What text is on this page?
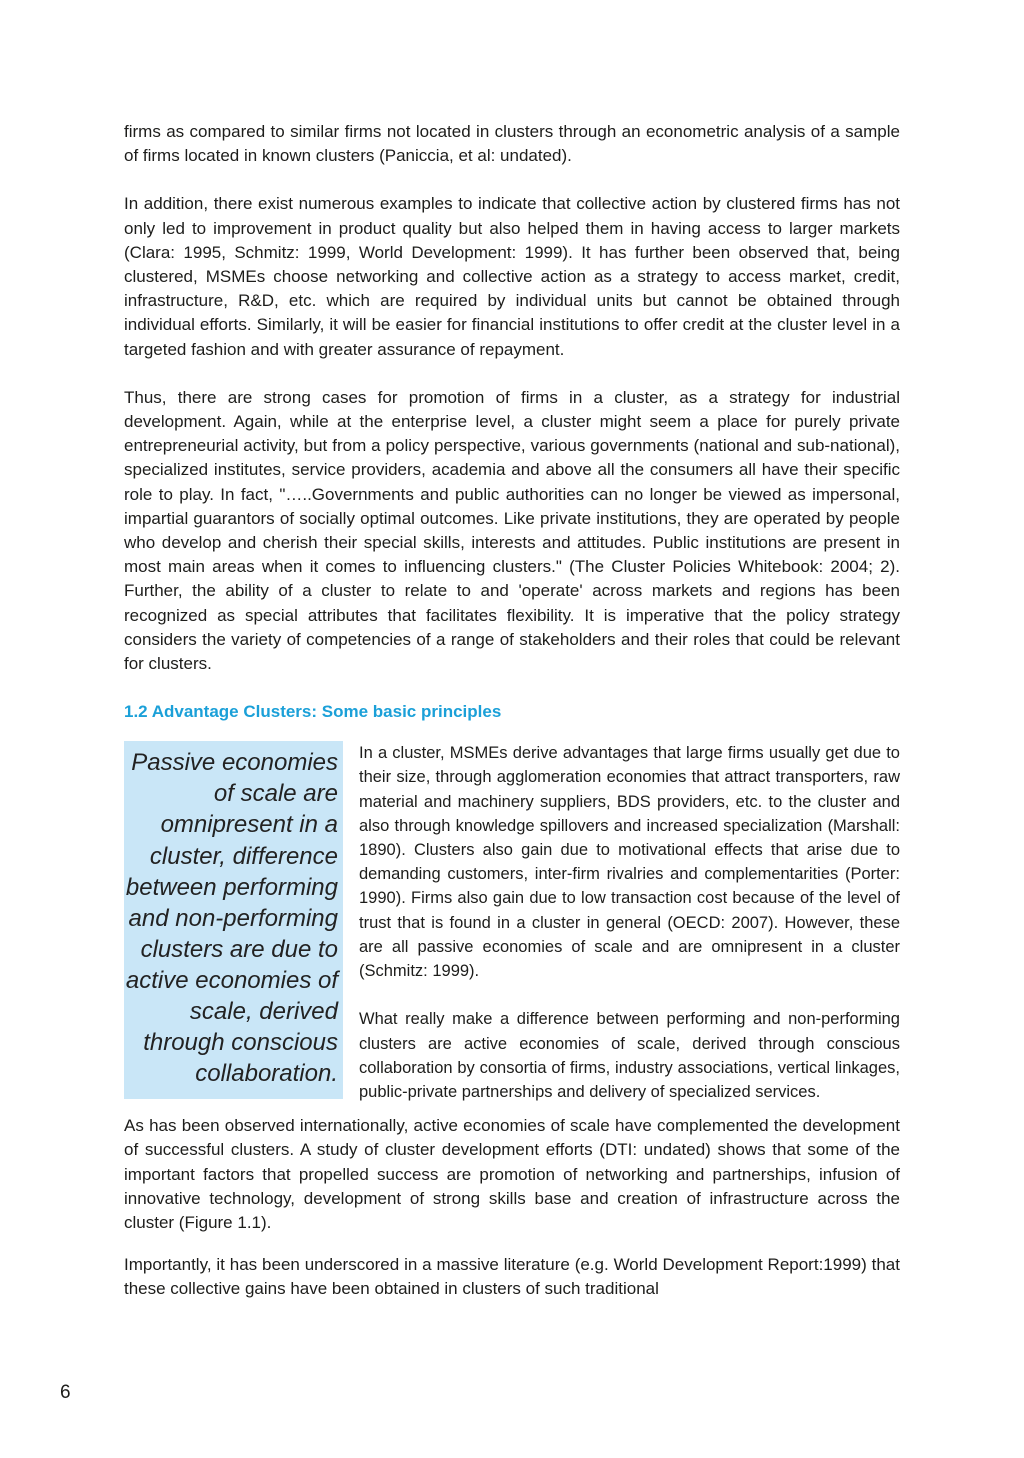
firms as compared to similar firms not located in clusters through an econometric analysis of a sample of firms located in known clusters (Paniccia, et al: undated).

In addition, there exist numerous examples to indicate that collective action by clustered firms has not only led to improvement in product quality but also helped them in having access to larger markets (Clara: 1995, Schmitz: 1999, World Development: 1999). It has further been observed that, being clustered, MSMEs choose networking and collective action as a strategy to access market, credit, infrastructure, R&D, etc. which are required by individual units but cannot be obtained through individual efforts. Similarly, it will be easier for financial institutions to offer credit at the cluster level in a targeted fashion and with greater assurance of repayment.

Thus, there are strong cases for promotion of firms in a cluster, as a strategy for industrial development. Again, while at the enterprise level, a cluster might seem a place for purely private entrepreneurial activity, but from a policy perspective, various governments (national and sub-national), specialized institutes, service providers, academia and above all the consumers all have their specific role to play. In fact, "…..Governments and public authorities can no longer be viewed as impersonal, impartial guarantors of socially optimal outcomes. Like private institutions, they are operated by people who develop and cherish their special skills, interests and attitudes. Public institutions are present in most main areas when it comes to influencing clusters." (The Cluster Policies Whitebook: 2004; 2). Further, the ability of a cluster to relate to and 'operate' across markets and regions has been recognized as special attributes that facilitates flexibility. It is imperative that the policy strategy considers the variety of competencies of a range of stakeholders and their roles that could be relevant for clusters.

1.2 Advantage Clusters: Some basic principles
Passive economies of scale are omnipresent in a cluster, difference between performing and non-performing clusters are due to active economies of scale, derived through conscious collaboration.

In a cluster, MSMEs derive advantages that large firms usually get due to their size, through agglomeration economies that attract transporters, raw material and machinery suppliers, BDS providers, etc. to the cluster and also through knowledge spillovers and increased specialization (Marshall: 1890). Clusters also gain due to motivational effects that arise due to demanding customers, inter-firm rivalries and complementarities (Porter: 1990). Firms also gain due to low transaction cost because of the level of trust that is found in a cluster in general (OECD: 2007). However, these are all passive economies of scale and are omnipresent in a cluster (Schmitz: 1999).

What really make a difference between performing and non-performing clusters are active economies of scale, derived through conscious collaboration by consortia of firms, industry associations, vertical linkages, public-private partnerships and delivery of specialized services.

As has been observed internationally, active economies of scale have complemented the development of successful clusters. A study of cluster development efforts (DTI: undated) shows that some of the important factors that propelled success are promotion of networking and partnerships, infusion of innovative technology, development of strong skills base and creation of infrastructure across the cluster (Figure 1.1).

Importantly, it has been underscored in a massive literature (e.g. World Development Report:1999) that these collective gains have been obtained in clusters of such traditional

6
